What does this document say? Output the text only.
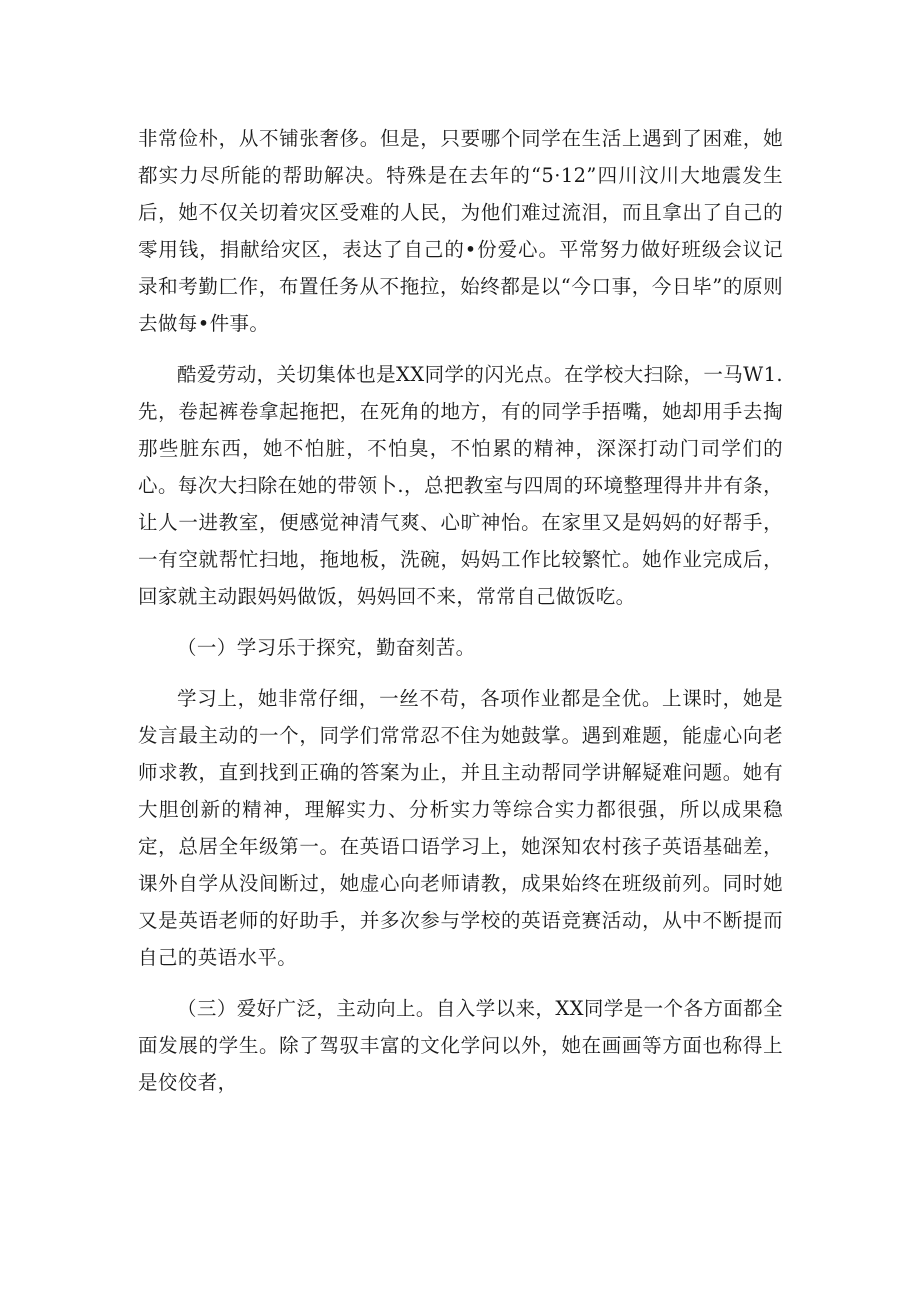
非常俭朴，从不铺张奢侈。但是，只要哪个同学在生活上遇到了困难，她都实力尽所能的帮助解决。特殊是在去年的“5·12”四川汶川大地震发生后，她不仅关切着灾区受难的人民，为他们难过流泪，而且拿出了自己的零用钱，捐献给灾区，表达了自己的•份爱心。平常努力做好班级会议记录和考勤匚作，布置任务从不拖拉，始终都是以“今口事，今日毕”的原则去做每•件事。

酷爱劳动，关切集体也是XX同学的闪光点。在学校大扫除，一马W1.先，卷起裤卷拿起拖把，在死角的地方，有的同学手捂嘴，她却用手去掏那些脏东西，她不怕脏，不怕臭，不怕累的精神，深深打动门司学们的心。每次大扫除在她的带领卜.，总把教室与四周的环境整理得井井有条，让人一进教室，便感觉神清气爽、心旷神怡。在家里又是妈妈的好帮手，一有空就帮忙扫地，拖地板，洗碗，妈妈工作比较繁忙。她作业完成后，回家就主动跟妈妈做饭，妈妈回不来，常常自己做饭吃。

（一）学习乐于探究，勤奋刻苦。

学习上，她非常仔细，一丝不苟，各项作业都是全优。上课时，她是发言最主动的一个，同学们常常忍不住为她鼓掌。遇到难题，能虚心向老师求教，直到找到正确的答案为止，并且主动帮同学讲解疑难问题。她有大胆创新的精神，理解实力、分析实力等综合实力都很强，所以成果稳定，总居全年级第一。在英语口语学习上，她深知农村孩子英语基础差，课外自学从没间断过，她虚心向老师请教，成果始终在班级前列。同时她又是英语老师的好助手，并多次参与学校的英语竞赛活动，从中不断提而自己的英语水平。

（三）爱好广泛，主动向上。自入学以来，XX同学是一个各方面都全面发展的学生。除了驾驭丰富的文化学问以外，她在画画等方面也称得上是佼佼者，
